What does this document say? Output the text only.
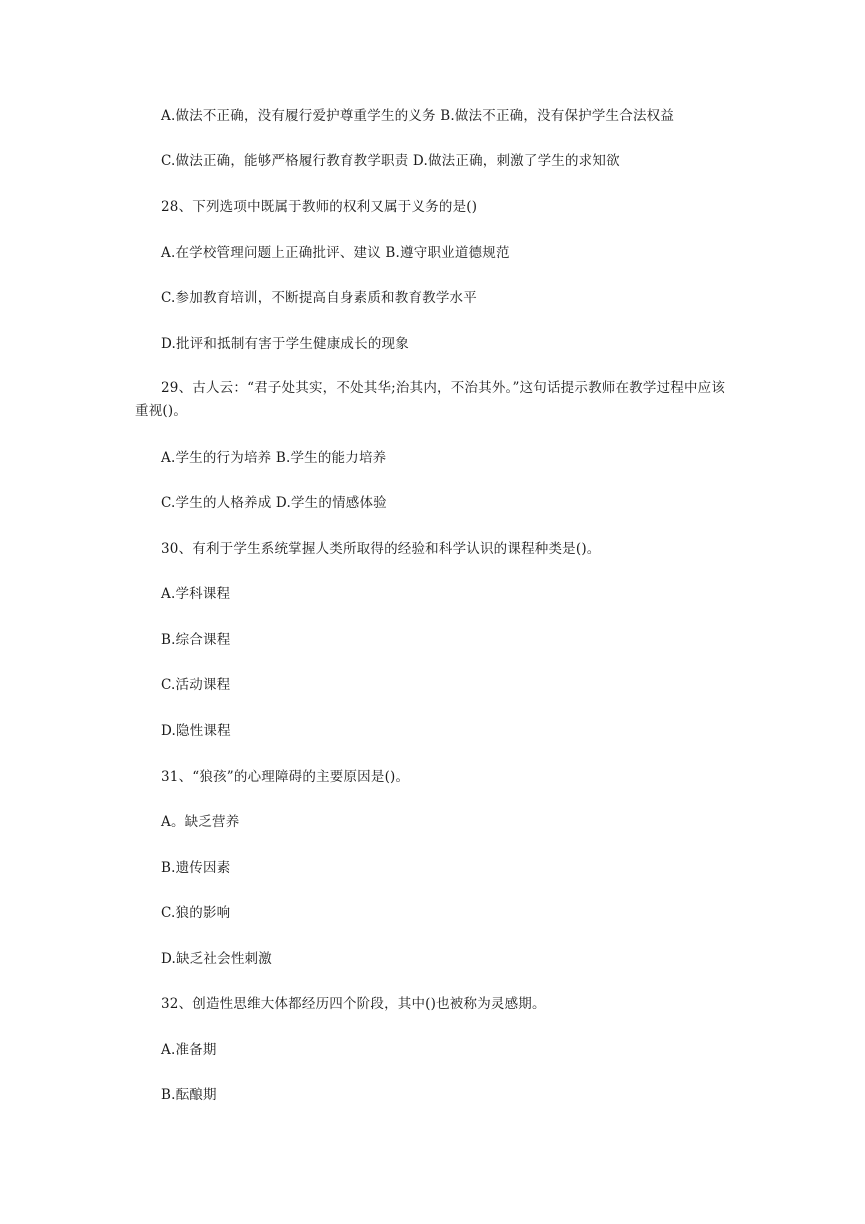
A.做法不正确，没有履行爱护尊重学生的义务 B.做法不正确，没有保护学生合法权益
C.做法正确，能够严格履行教育教学职责 D.做法正确，刺激了学生的求知欲
28、下列选项中既属于教师的权利又属于义务的是()
A.在学校管理问题上正确批评、建议 B.遵守职业道德规范
C.参加教育培训，不断提高自身素质和教育教学水平
D.批评和抵制有害于学生健康成长的现象
29、古人云：“君子处其实，不处其华;治其内，不治其外。”这句话提示教师在教学过程中应该重视()。
A.学生的行为培养 B.学生的能力培养
C.学生的人格养成 D.学生的情感体验
30、有利于学生系统掌握人类所取得的经验和科学认识的课程种类是()。
A.学科课程
B.综合课程
C.活动课程
D.隐性课程
31、“狼孩”的心理障碍的主要原因是()。
A。缺乏营养
B.遗传因素
C.狼的影响
D.缺乏社会性刺激
32、创造性思维大体都经历四个阶段，其中()也被称为灵感期。
A.准备期
B.酝酿期
